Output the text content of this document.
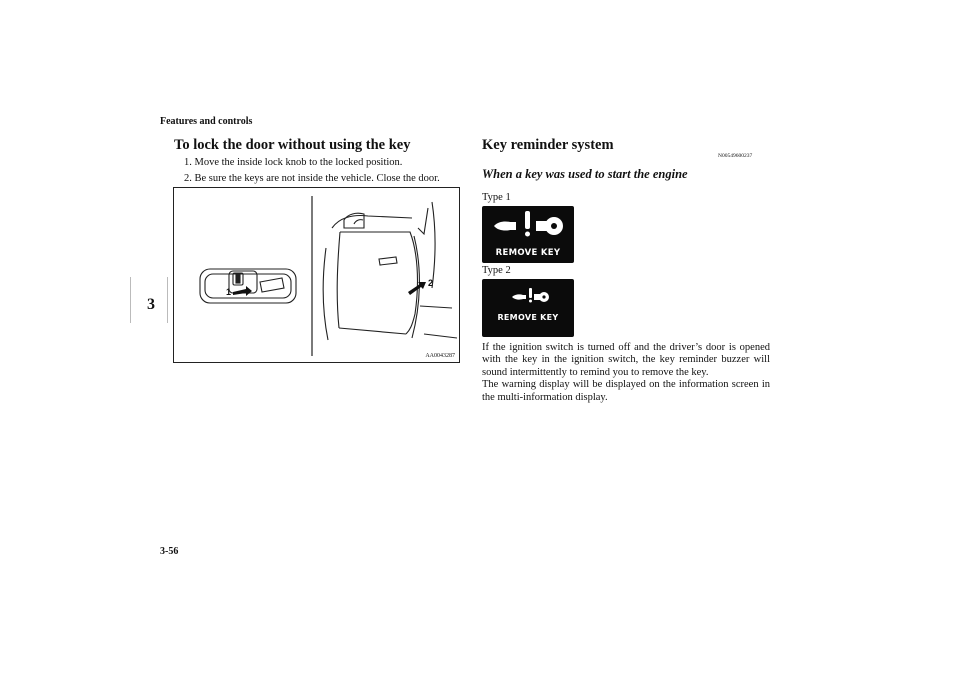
Features and controls
3
To lock the door without using the key
1. Move the inside lock knob to the locked position.
2. Be sure the keys are not inside the vehicle. Close the door.
1
2
AA0043287
Key reminder system
N00549600237
When a key was used to start the engine
Type 1
REMOVE KEY
Type 2
REMOVE KEY

If the ignition switch is turned off and the driver’s door is opened with the key in the ignition switch, the key reminder buzzer will sound intermittently to remind you to remove the key.

The warning display will be displayed on the information screen in the multi-information display.

3-56
